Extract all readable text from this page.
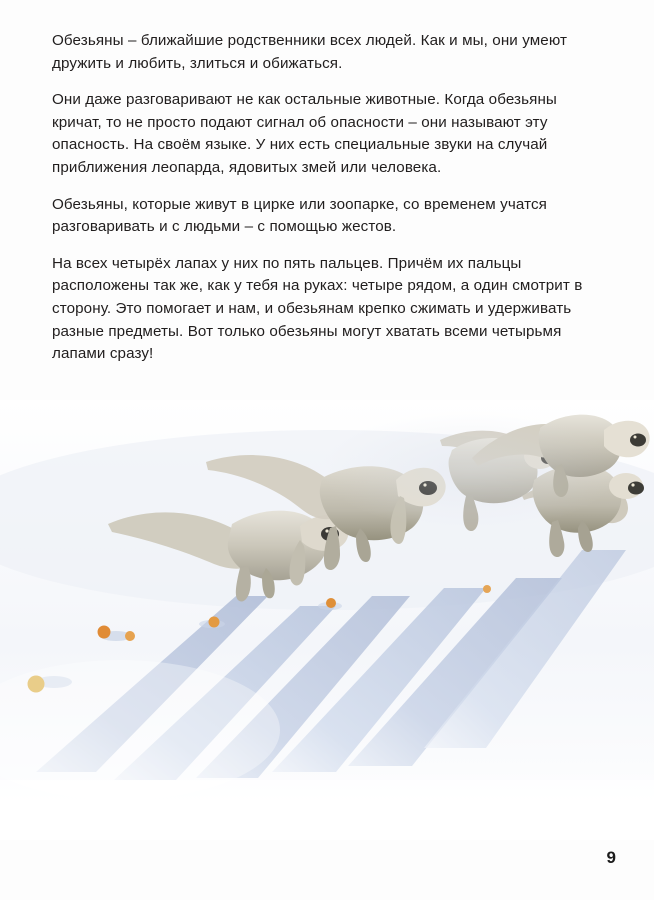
Обезьяны – ближайшие родственники всех людей. Как и мы, они умеют дружить и любить, злиться и обижаться.

Они даже разговаривают не как остальные животные. Когда обезьяны кричат, то не просто подают сигнал об опасности – они называют эту опасность. На своём языке. У них есть специальные звуки на случай приближения леопарда, ядовитых змей или человека.

Обезьяны, которые живут в цирке или зоопарке, со временем учатся разговаривать и с людьми – с помощью жестов.

На всех четырёх лапах у них по пять пальцев. Причём их пальцы расположены так же, как у тебя на руках: четыре рядом, а один смотрит в сторону. Это помогает и нам, и обезьянам крепко сжимать и удерживать разные предметы. Вот только обезьяны могут хватать всеми четырьмя лапами сразу!

9
